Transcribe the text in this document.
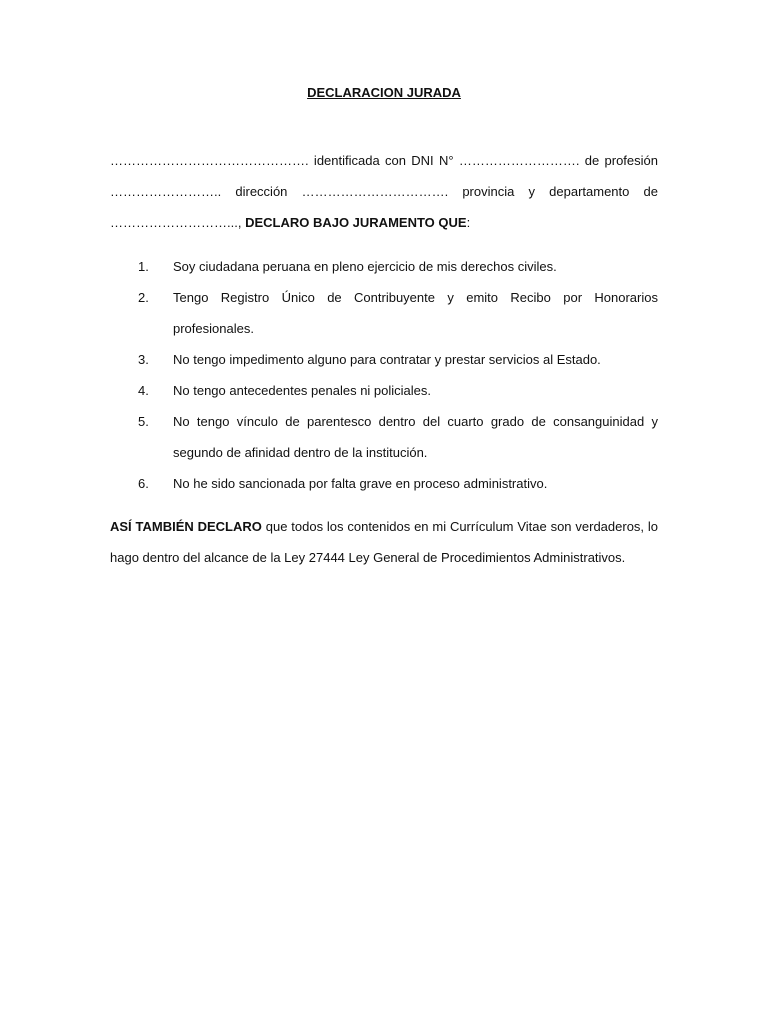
DECLARACION JURADA

………………………………………. identificada con DNI N° ………………………. de profesión …………………….. dirección ……………………………. provincia y departamento de ………………………..., DECLARO BAJO JURAMENTO QUE:

1.	Soy ciudadana peruana en pleno ejercicio de mis derechos civiles.
2.	Tengo Registro Único de Contribuyente y emito Recibo por Honorarios profesionales.
3.	No tengo impedimento alguno para contratar y prestar servicios al Estado.
4.	No tengo antecedentes penales ni policiales.
5.	No tengo vínculo de parentesco dentro del cuarto grado de consanguinidad y segundo de afinidad dentro de la institución.
6.	No he sido sancionada por falta grave en proceso administrativo.

ASÍ TAMBIÉN DECLARO que todos los contenidos en mi Currículum Vitae son verdaderos, lo hago dentro del alcance de la Ley 27444 Ley General de Procedimientos Administrativos.
